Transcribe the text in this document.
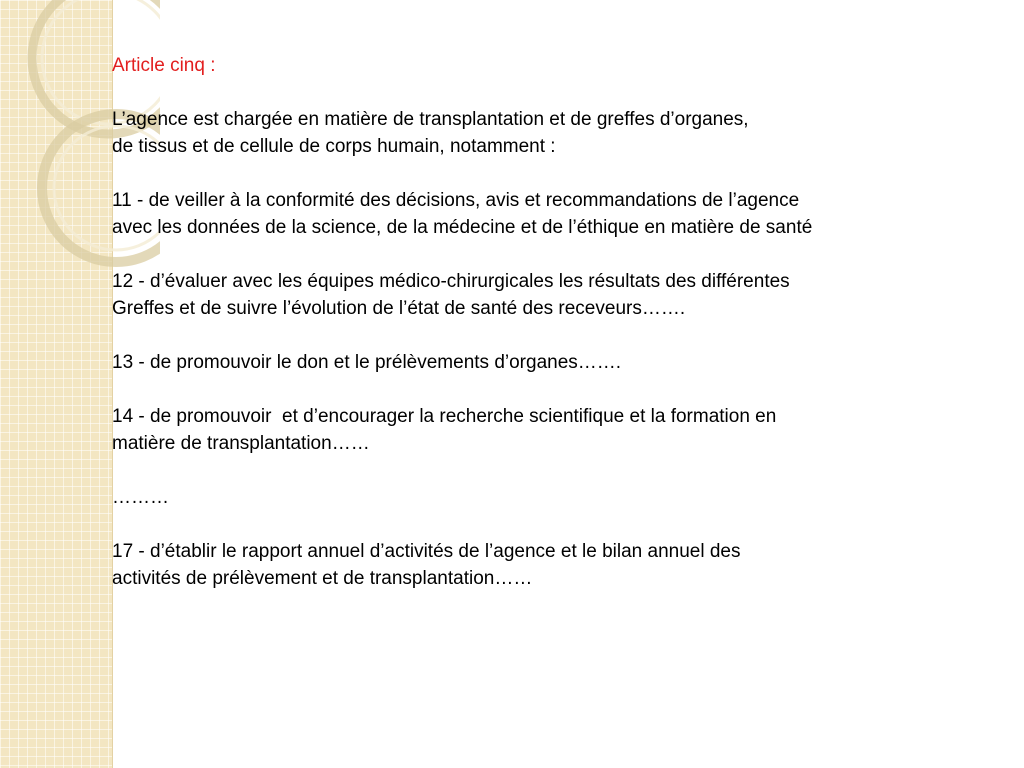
Article cinq :
L’agence est chargée en matière de transplantation et de greffes d’organes,
de tissus et de cellule de corps humain, notamment :
11 - de veiller à la conformité des décisions, avis et recommandations de l’agence
avec les données de la science, de la médecine et de l’éthique en matière de santé
12 - d’évaluer avec les équipes médico-chirurgicales les résultats des différentes
Greffes et de suivre l’évolution de l’état de santé des receveurs…….
13 - de promouvoir le don et le prélèvements d’organes…….
14 - de promouvoir  et d’encourager la recherche scientifique et la formation en
matière de transplantation……
………
17 - d’établir le rapport annuel d’activités de l’agence et le bilan annuel des
activités de prélèvement et de transplantation……
